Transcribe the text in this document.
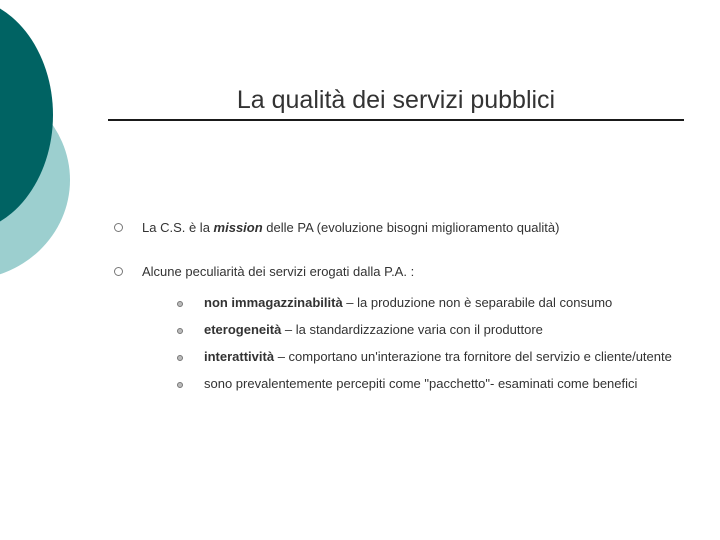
La qualità dei servizi pubblici
La C.S. è la mission delle PA (evoluzione bisogni miglioramento qualità)
Alcune peculiarità dei servizi erogati dalla P.A. :
non immagazzinabilità – la produzione non è separabile dal consumo
eterogeneità – la standardizzazione varia con il produttore
interattività – comportano un'interazione tra fornitore del servizio e cliente/utente
sono prevalentemente percepiti come "pacchetto"- esaminati come benefici
